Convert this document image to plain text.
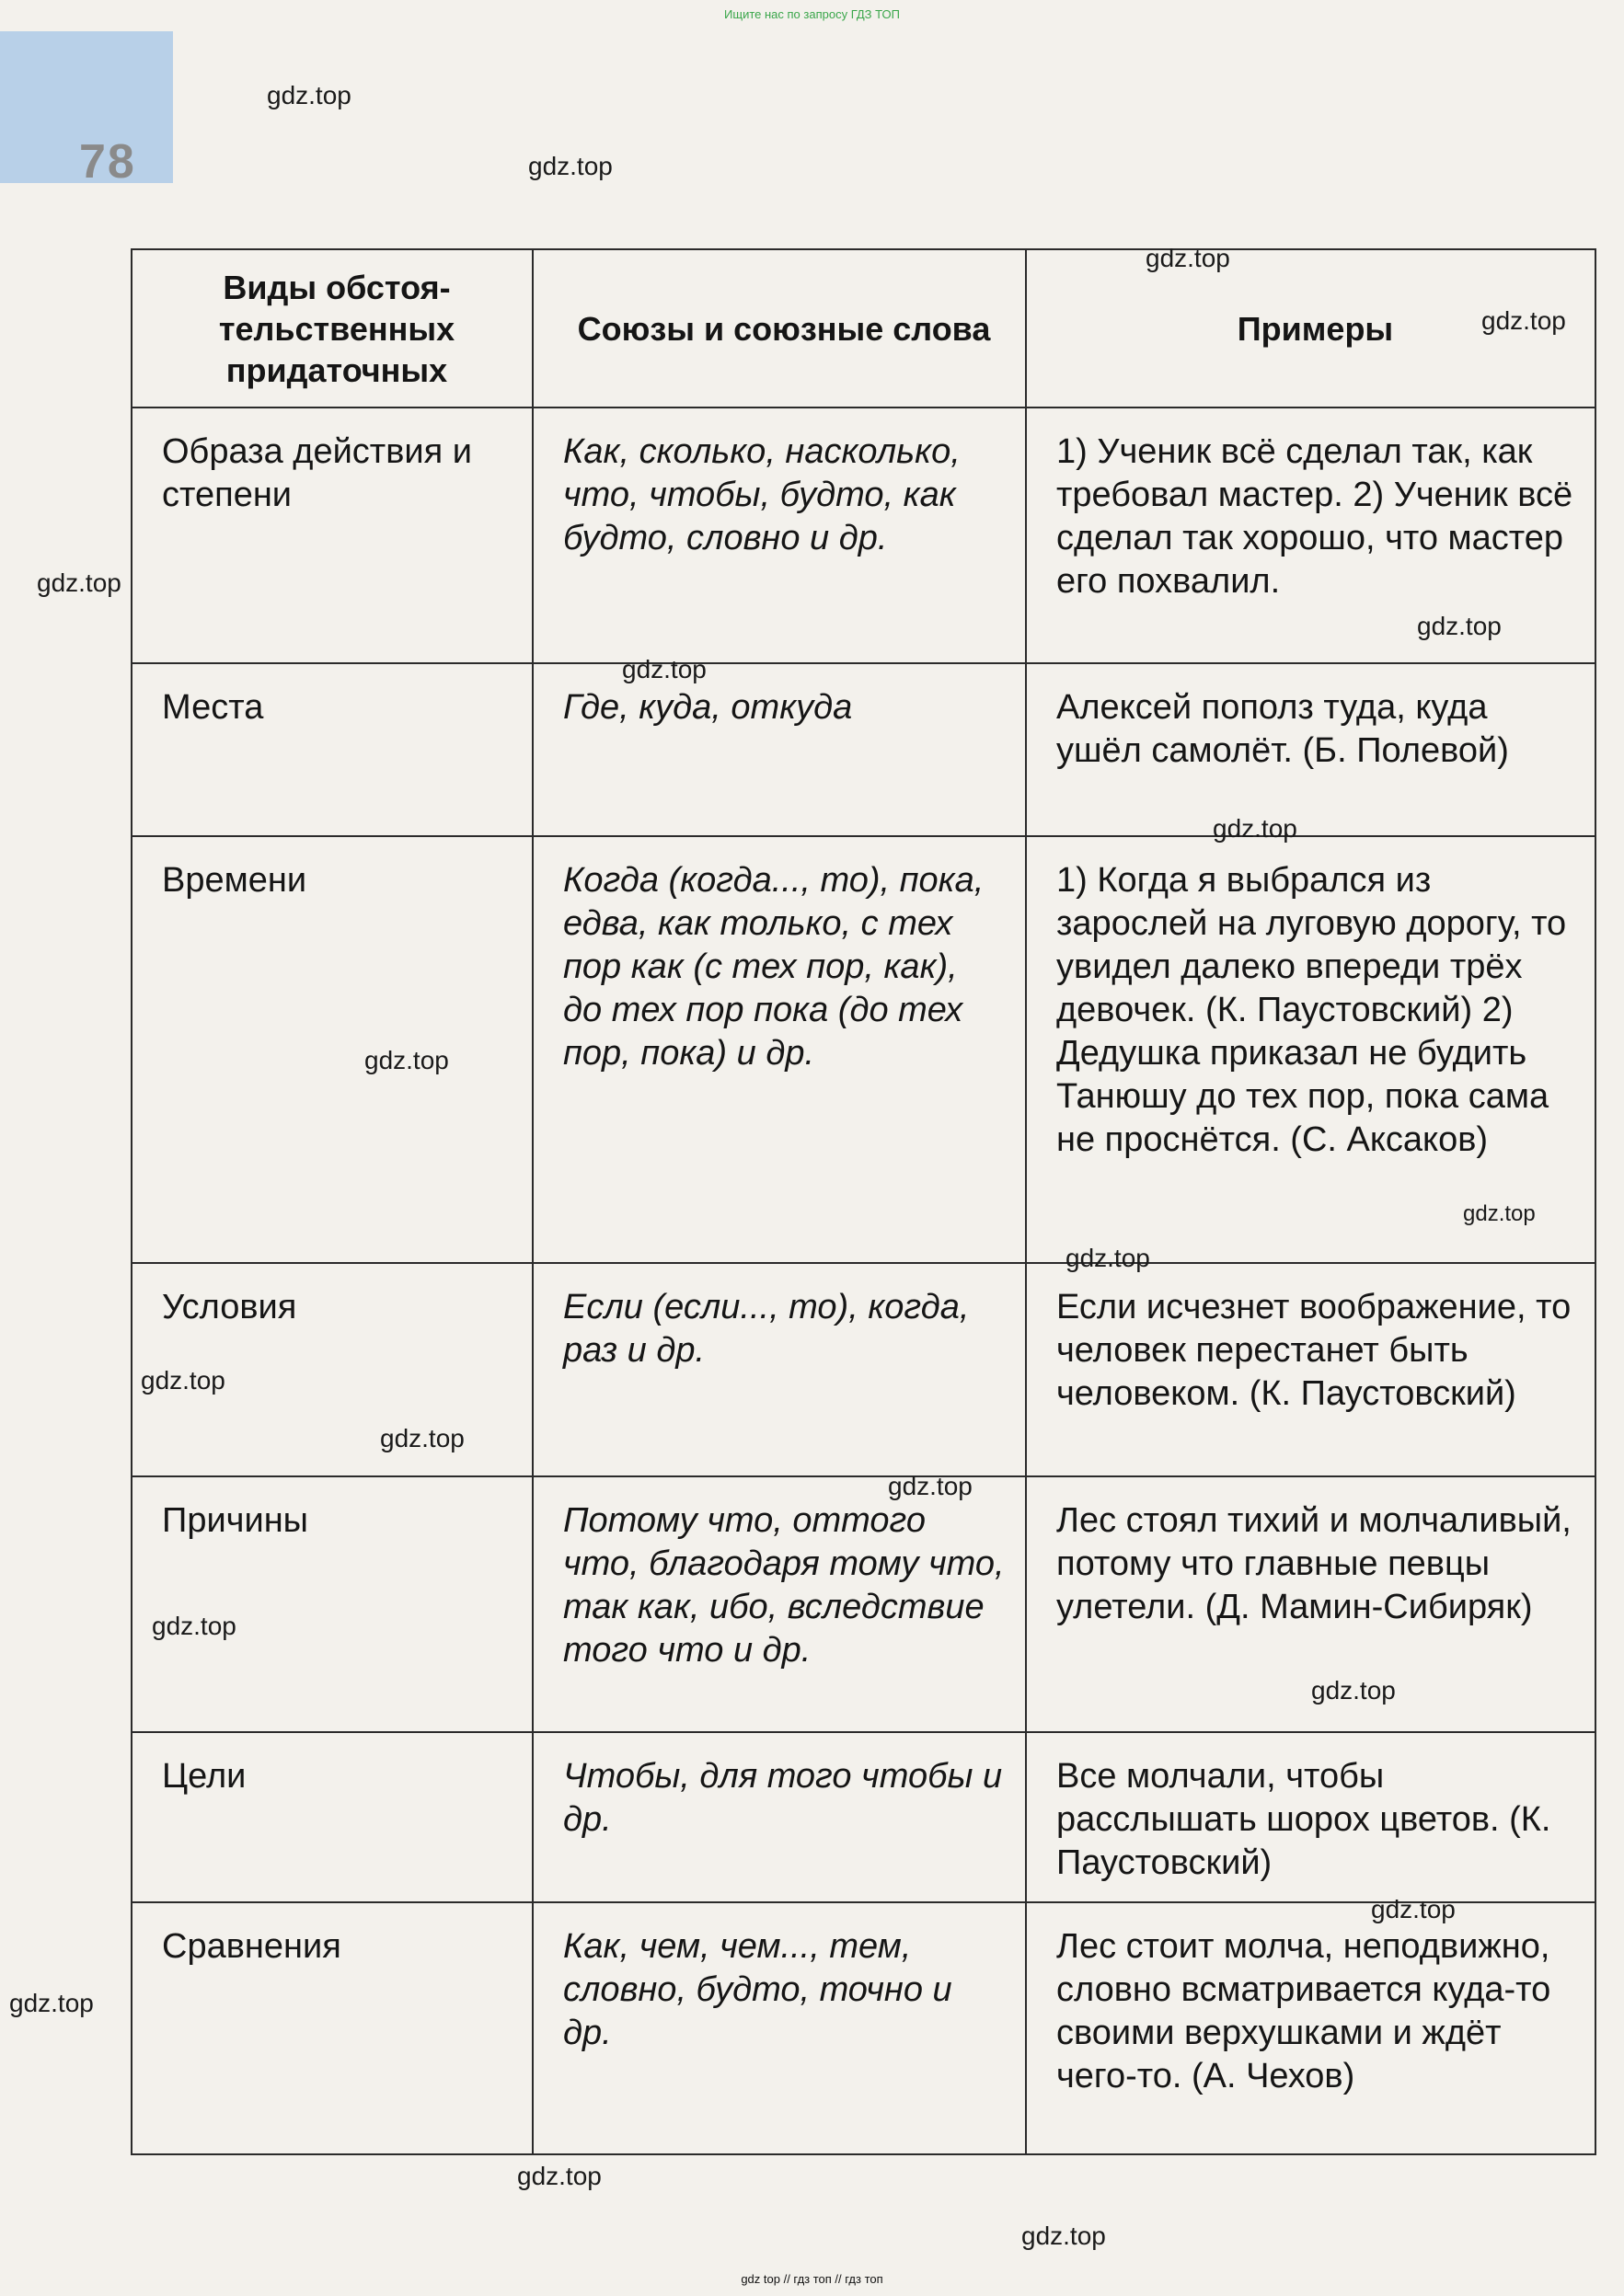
Ищите нас по запросу ГДЗ ТОП
78
Виды обстоя-тельственных придаточных	Союзы и союзные слова	Примеры
Образа действия и степени	Как, сколько, насколько, что, чтобы, будто, как будто, словно и др.	1) Ученик всё сделал так, как требовал мастер. 2) Ученик всё сделал так хорошо, что мастер его похвалил.
Места	Где, куда, откуда	Алексей пополз туда, куда ушёл самолёт. (Б. Полевой)
Времени	Когда (когда..., то), пока, едва, как только, с тех пор как (с тех пор, как), до тех пор пока (до тех пор, пока) и др.	1) Когда я выбрался из зарослей на луговую дорогу, то увидел далеко впереди трёх девочек. (К. Паустовский) 2) Дедушка приказал не будить Танюшу до тех пор, пока сама не проснётся. (С. Аксаков)
Условия	Если (если..., то), когда, раз и др.	Если исчезнет воображение, то человек перестанет быть человеком. (К. Паустовский)
Причины	Потому что, оттого что, благодаря тому что, так как, ибо, вследствие того что и др.	Лес стоял тихий и молчаливый, потому что главные певцы улетели. (Д. Мамин-Сибиряк)
Цели	Чтобы, для того чтобы и др.	Все молчали, чтобы расслышать шорох цветов. (К. Паустовский)
Сравнения	Как, чем, чем..., тем, словно, будто, точно и др.	Лес стоит молча, неподвижно, словно всматривается куда-то своими верхушками и ждёт чего-то. (А. Чехов)
gdz.top
gdz.top
gdz.top
gdz.top
gdz.top
gdz.top
gdz.top
gdz.top
gdz.top
gdz.top
gdz.top
gdz.top
gdz.top
gdz.top
gdz.top
gdz.top
gdz.top
gdz.top
gdz.top
gdz.top
gdz top // гдз топ // гдз топ
